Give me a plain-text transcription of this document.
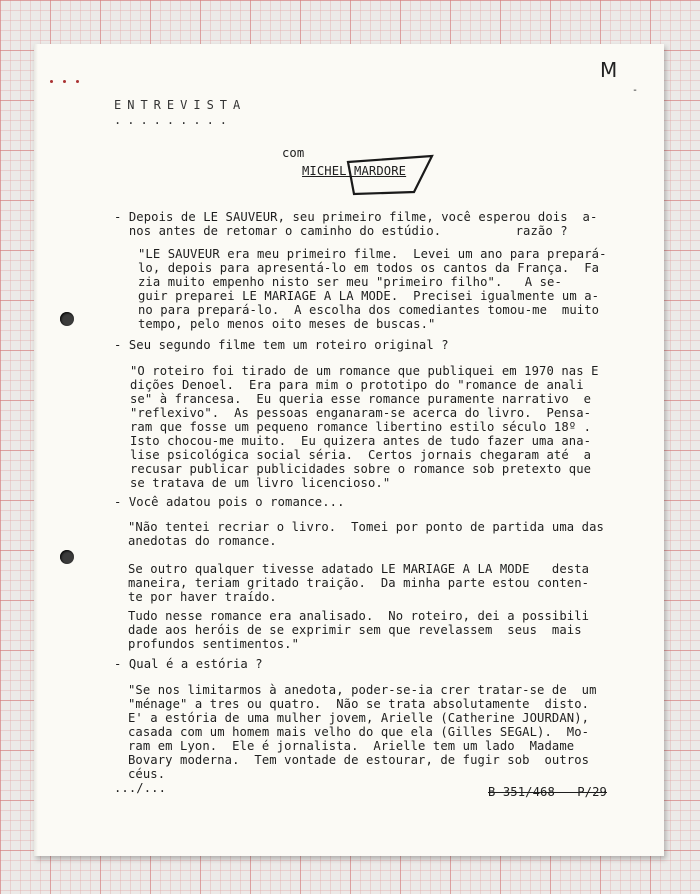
M
-
ENTREVISTA
.........
com
MICHEL MARDORE
- Depois de LE SAUVEUR, seu primeiro filme, você esperou dois  a-
nos antes de retomar o caminho do estúdio.          razão ?
"LE SAUVEUR era meu primeiro filme.  Levei um ano para prepará-
lo, depois para apresentá-lo em todos os cantos da França.  Fa
zia muito empenho nisto ser meu "primeiro filho".   A se-
guir preparei LE MARIAGE A LA MODE.  Precisei igualmente um a-
no para prepará-lo.  A escolha dos comediantes tomou-me  muito
tempo, pelo menos oito meses de buscas."
- Seu segundo filme tem um roteiro original ?
"O roteiro foi tirado de um romance que publiquei em 1970 nas E
dições Denoel.  Era para mim o prototipo do "romance de anali
se" à francesa.  Eu queria esse romance puramente narrativo  e
"reflexivo".  As pessoas enganaram-se acerca do livro.  Pensa-
ram que fosse um pequeno romance libertino estilo século 18º .
Isto chocou-me muito.  Eu quizera antes de tudo fazer uma ana-
lise psicológica social séria.  Certos jornais chegaram até  a
recusar publicar publicidades sobre o romance sob pretexto que
se tratava de um livro licencioso."
- Você adatou pois o romance...
"Não tentei recriar o livro.  Tomei por ponto de partida uma das
anedotas do romance.
Se outro qualquer tivesse adatado LE MARIAGE A LA MODE   desta
maneira, teriam gritado traição.  Da minha parte estou conten-
te por haver traído.
Tudo nesse romance era analisado.  No roteiro, dei a possibili
dade aos heróis de se exprimir sem que revelassem  seus  mais
profundos sentimentos."
- Qual é a estória ?
"Se nos limitarmos à anedota, poder-se-ia crer tratar-se de  um
"ménage" a tres ou quatro.  Não se trata absolutamente  disto.
E' a estória de uma mulher jovem, Arielle (Catherine JOURDAN),
casada com um homem mais velho do que ela (Gilles SEGAL).  Mo-
ram em Lyon.  Ele é jornalista.  Arielle tem um lado  Madame
Bovary moderna.  Tem vontade de estourar, de fugir sob  outros
céus.
.../...	B-351/468 - P/29
